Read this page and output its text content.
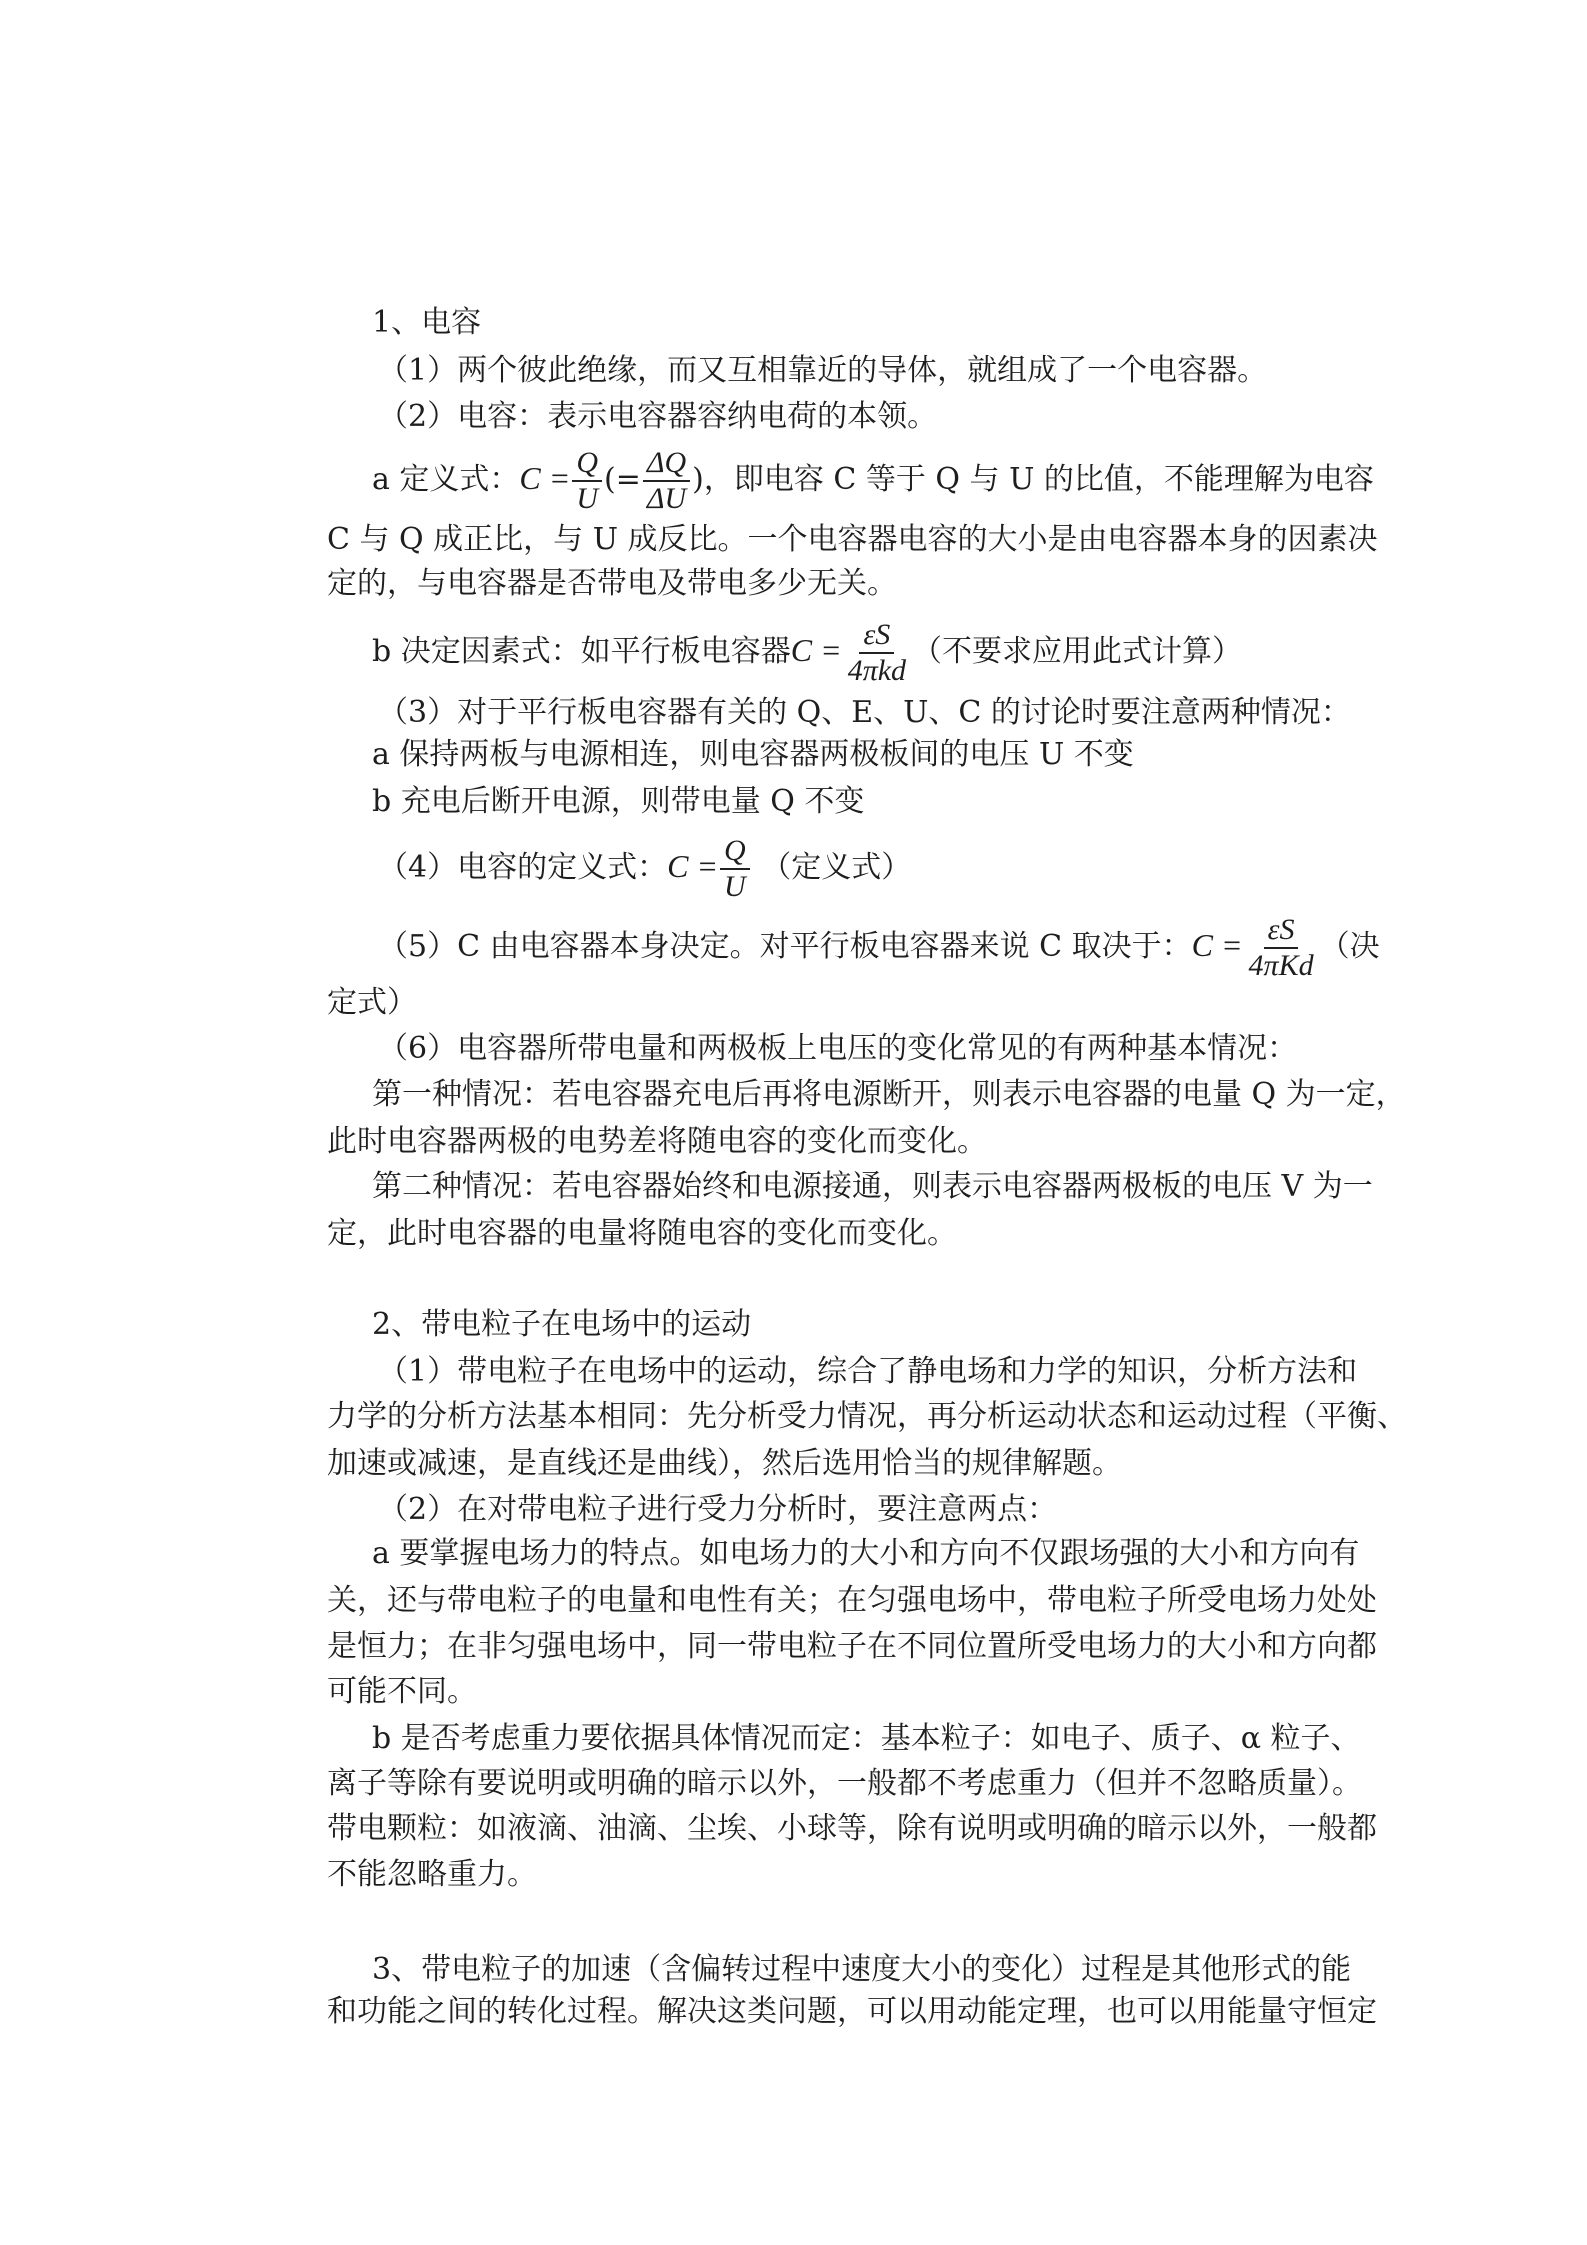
1、电容
（1）两个彼此绝缘，而又互相靠近的导体，就组成了一个电容器。
（2）电容：表示电容器容纳电荷的本领。
a 定义式：$C = \frac{Q}{U}$ (= $\frac{\Delta Q}{\Delta U}$ )，即电容 C 等于 Q 与 U 的比值，不能理解为电容
C 与 Q 成正比，与 U 成反比。一个电容器电容的大小是由电容器本身的因素决
定的，与电容器是否带电及带电多少无关。
b 决定因素式：如平行板电容器$C = \frac{\varepsilon S}{\text{4πkd}}$ （不要求应用此式计算）
（3）对于平行板电容器有关的 Q、E、U、C 的讨论时要注意两种情况：
a 保持两板与电源相连，则电容器两极板间的电压 U 不变
b 充电后断开电源，则带电量 Q 不变
（4）电容的定义式：$C = \frac{Q}{U}$ （定义式）
（5）C 由电容器本身决定。对平行板电容器来说 C 取决于：$C = \frac{\varepsilon S}{\text{4πKd}}$ （决
定式）
（6）电容器所带电量和两极板上电压的变化常见的有两种基本情况：
第一种情况：若电容器充电后再将电源断开，则表示电容器的电量 Q 为一定，
此时电容器两极的电势差将随电容的变化而变化。
第二种情况：若电容器始终和电源接通，则表示电容器两极板的电压 V 为一
定，此时电容器的电量将随电容的变化而变化。
2、带电粒子在电场中的运动
（1）带电粒子在电场中的运动，综合了静电场和力学的知识，分析方法和
力学的分析方法基本相同：先分析受力情况，再分析运动状态和运动过程（平衡、
加速或减速，是直线还是曲线），然后选用恰当的规律解题。
（2）在对带电粒子进行受力分析时，要注意两点：
a 要掌握电场力的特点。如电场力的大小和方向不仅跟场强的大小和方向有
关，还与带电粒子的电量和电性有关；在匀强电场中，带电粒子所受电场力处处
是恒力；在非匀强电场中，同一带电粒子在不同位置所受电场力的大小和方向都
可能不同。
b 是否考虑重力要依据具体情况而定：基本粒子：如电子、质子、α 粒子、
离子等除有要说明或明确的暗示以外，一般都不考虑重力（但并不忽略质量）。
带电颗粒：如液滴、油滴、尘埃、小球等，除有说明或明确的暗示以外，一般都
不能忽略重力。
3、带电粒子的加速（含偏转过程中速度大小的变化）过程是其他形式的能
和功能之间的转化过程。解决这类问题，可以用动能定理，也可以用能量守恒定
